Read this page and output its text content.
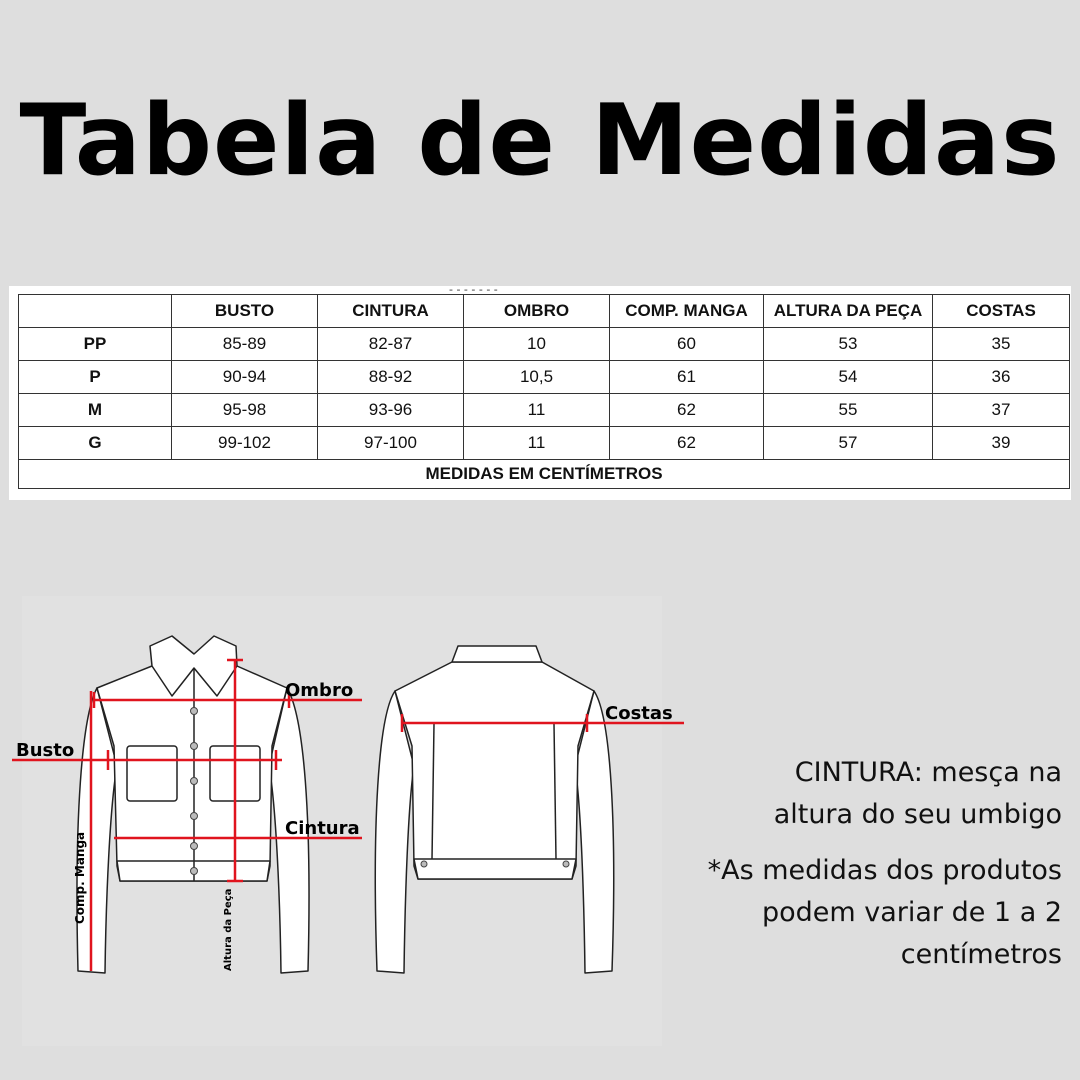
Tabela de Medidas
- - - - - - -
	BUSTO	CINTURA	OMBRO	COMP. MANGA	ALTURA DA PEÇA	COSTAS
PP	85-89	82-87	10	60	53	35
P	90-94	88-92	10,5	61	54	36
M	95-98	93-96	11	62	55	37
G	99-102	97-100	11	62	57	39
MEDIDAS EM CENTÍMETROS						
Ombro
Busto
Cintura
Costas
Comp. Manga
Altura da Peça
CINTURA: mesça na altura do seu umbigo
*As medidas dos produtos podem variar de 1 a 2 centímetros
